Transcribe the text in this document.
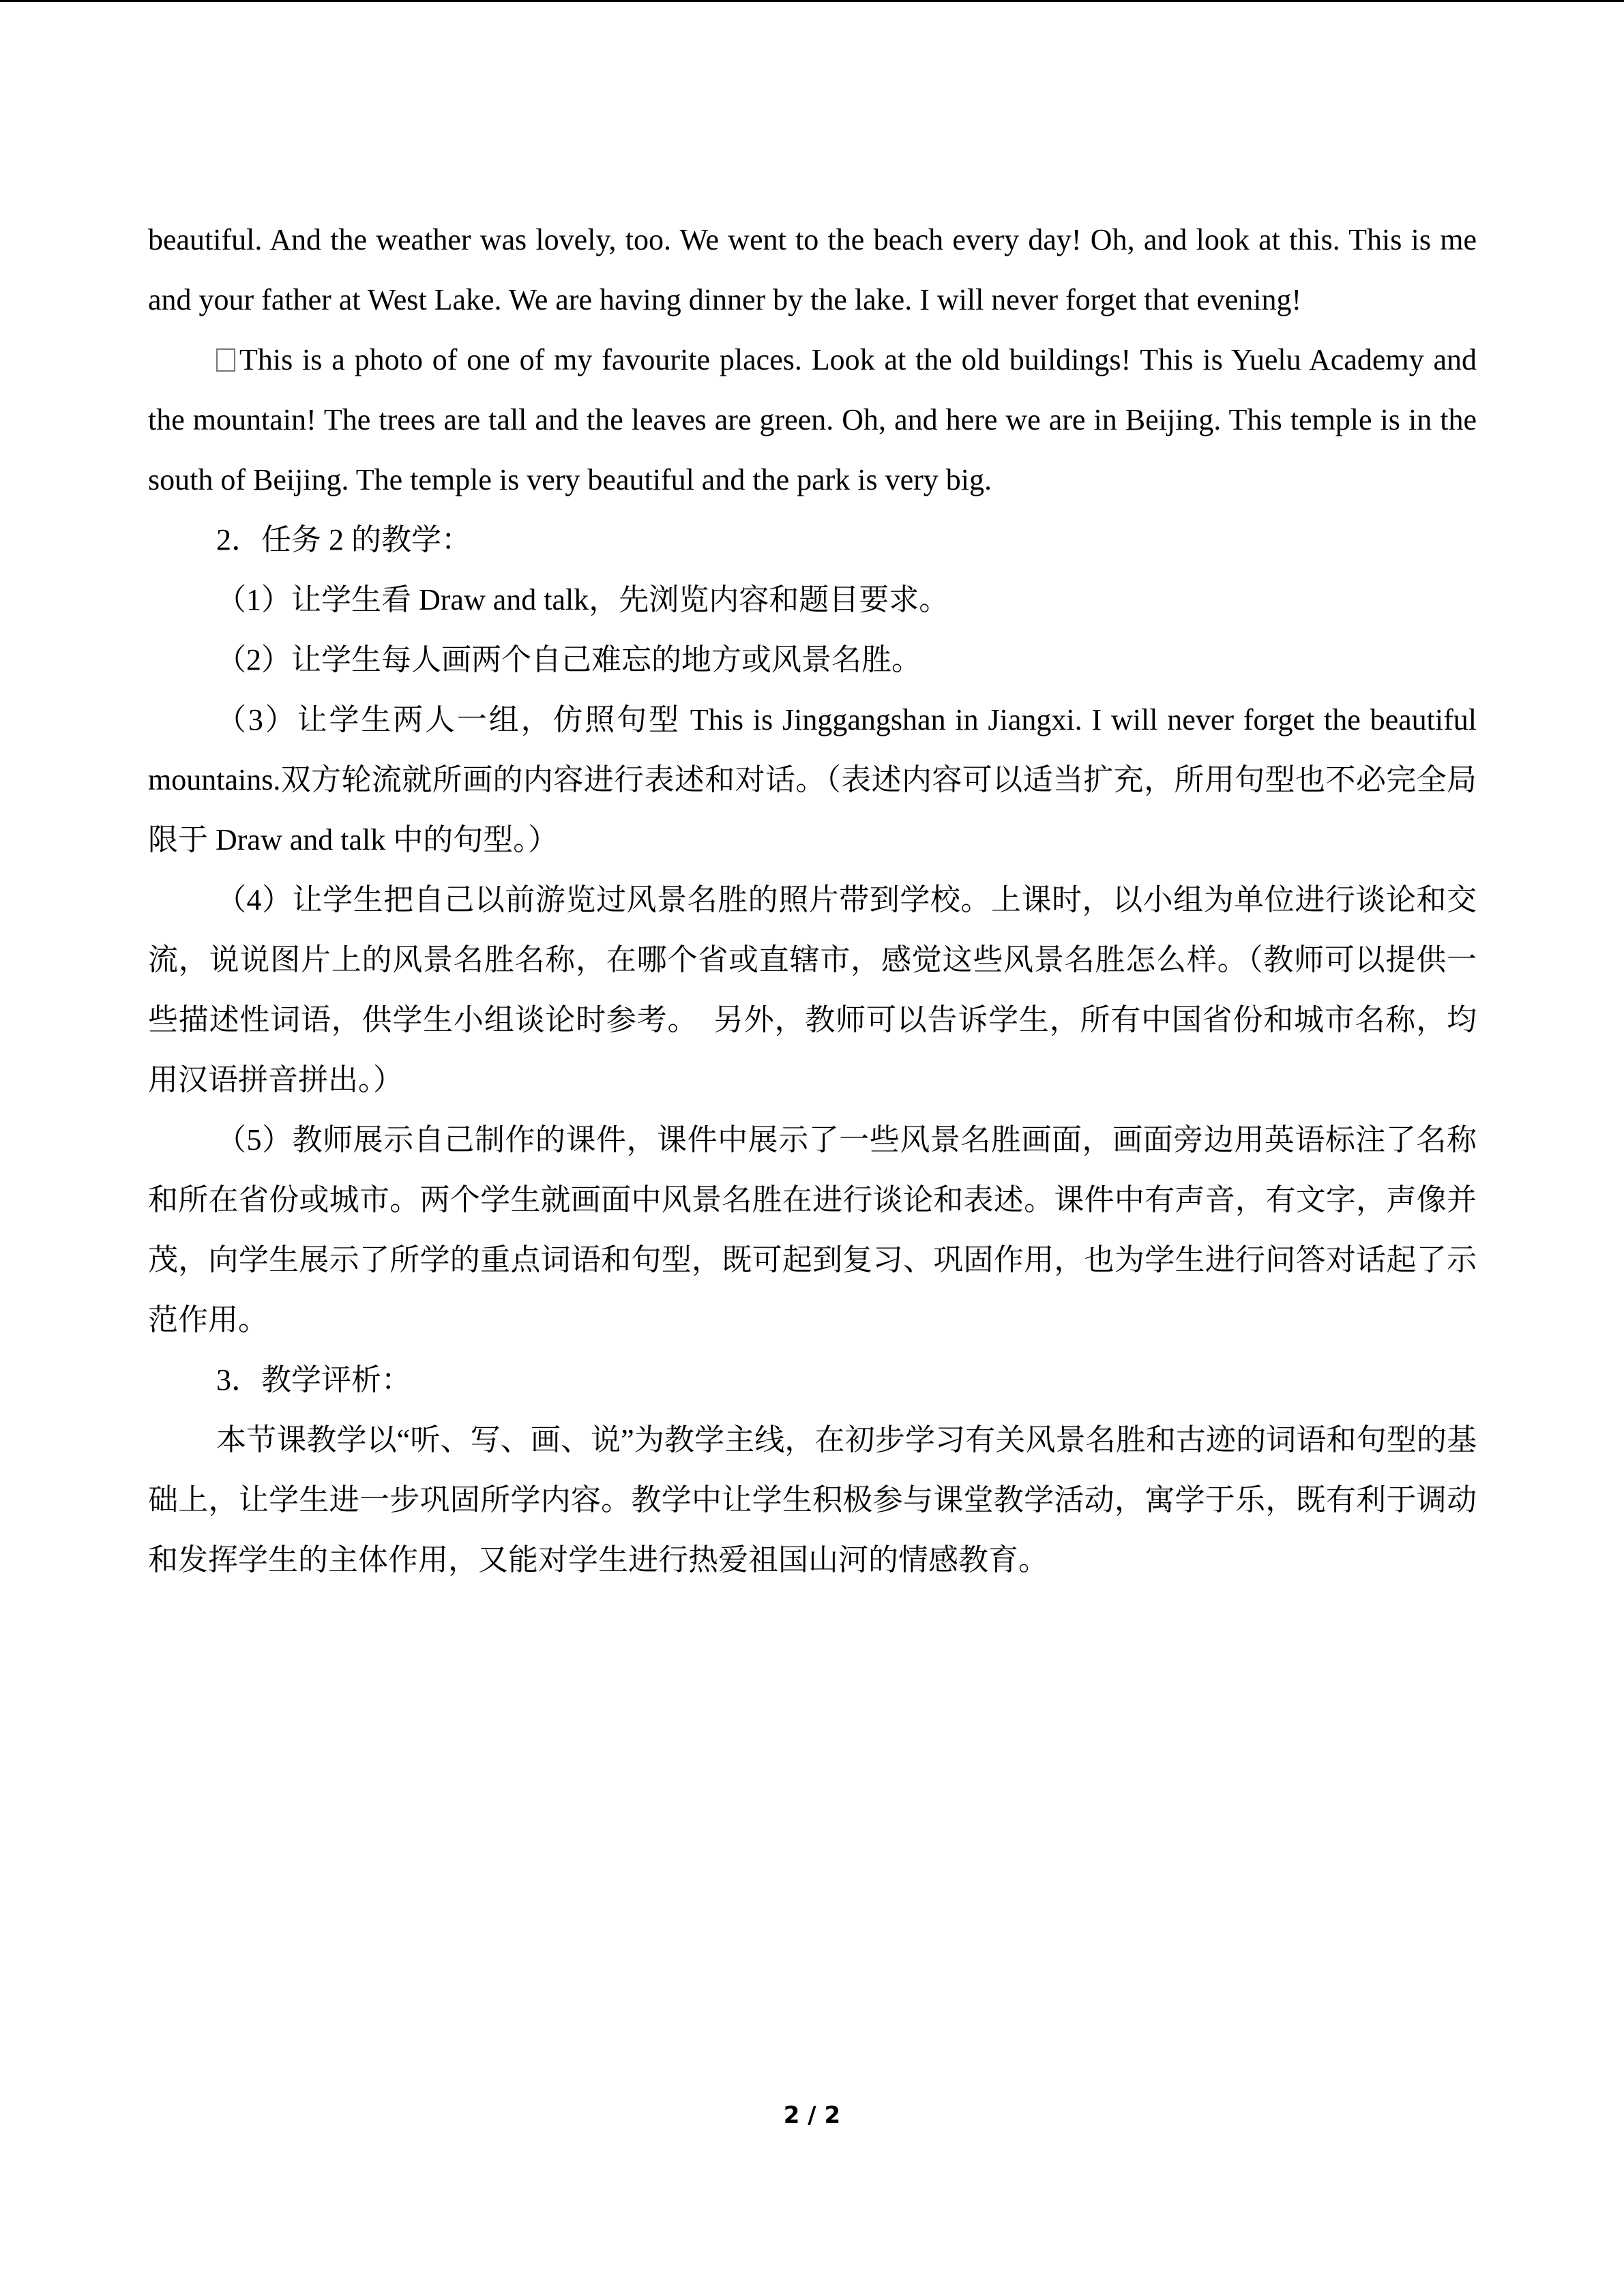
beautiful. And the weather was lovely, too. We went to the beach every day! Oh, and look at this. This is me and your father at West Lake. We are having dinner by the lake. I will never forget that evening!

This is a photo of one of my favourite places. Look at the old buildings! This is Yuelu Academy and the mountain! The trees are tall and the leaves are green. Oh, and here we are in Beijing. This temple is in the south of Beijing. The temple is very beautiful and the park is very big.

2．任务 2 的教学：

（1）让学生看 Draw and talk，先浏览内容和题目要求。

（2）让学生每人画两个自己难忘的地方或风景名胜。

（3）让学生两人一组，仿照句型 This is Jinggangshan in Jiangxi. I will never forget the beautiful　mountains.双方轮流就所画的内容进行表述和对话。（表述内容可以适当扩充，所用句型也不必完全局限于 Draw and talk 中的句型。）

（4）让学生把自己以前游览过风景名胜的照片带到学校。上课时，以小组为单位进行谈论和交流，说说图片上的风景名胜名称，在哪个省或直辖市，感觉这些风景名胜怎么样。（教师可以提供一些描述性词语，供学生小组谈论时参考。　另外，教师可以告诉学生，所有中国省份和城市名称，均用汉语拼音拼出。）

（5）教师展示自己制作的课件，课件中展示了一些风景名胜画面，画面旁边用英语标注了名称和所在省份或城市。两个学生就画面中风景名胜在进行谈论和表述。课件中有声音，有文字，声像并茂，向学生展示了所学的重点词语和句型，既可起到复习、巩固作用，也为学生进行问答对话起了示范作用。

3．教学评析：

本节课教学以“听、写、画、说”为教学主线，在初步学习有关风景名胜和古迹的词语和句型的基础上，让学生进一步巩固所学内容。教学中让学生积极参与课堂教学活动，寓学于乐，既有利于调动和发挥学生的主体作用，又能对学生进行热爱祖国山河的情感教育。

2 / 2
